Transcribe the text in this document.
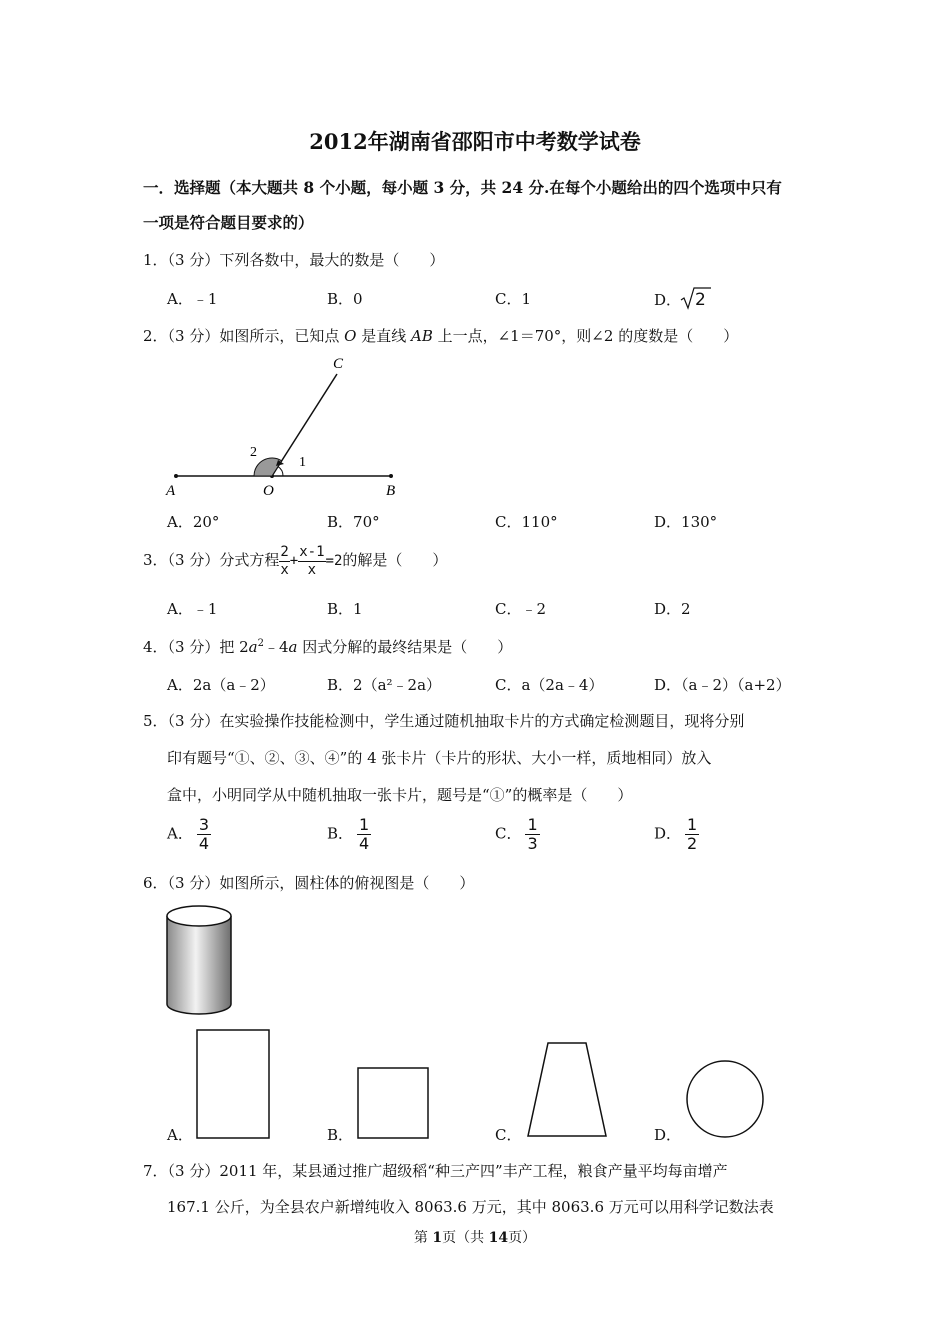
2012年湖南省邵阳市中考数学试卷
一．选择题（本大题共 8 个小题，每小题 3 分，共 24 分.在每个小题给出的四个选项中只有
一项是符合题目要求的）
1．（3 分）下列各数中，最大的数是（　　）
A．﹣1	B．0	C．1	D． 2
2．（3 分）如图所示，已知点 O 是直线 AB 上一点，∠1＝70°，则∠2 的度数是（　　）
A	O	B
C
1
2
A．20°	B．70°	C．110°	D．130°
3．（3 分）分式方程 $\frac{2}{x} + \frac{x-1}{x} =2$的解是（　　）
A．﹣1	B．1	C．﹣2	D．2
4．（3 分）把 $2a^2﹣4a$ 因式分解的最终结果是（　　）
A．2a（a﹣2）	B．2（a²﹣2a）	C．a（2a﹣4）	D．（a﹣2）（a+2）
5．（3 分）在实验操作技能检测中，学生通过随机抽取卡片的方式确定检测题目，现将分别
印有题号“①、②、③、④”的 4 张卡片（卡片的形状、大小一样，质地相同）放入
盒中，小明同学从中随机抽取一张卡片，题号是“①”的概率是（　　）
A． $\frac{3}{4}$	B． $\frac{1}{4}$	C． $\frac{1}{3}$	D． $\frac{1}{2}$
6．（3 分）如图所示，圆柱体的俯视图是（　　）
A．	B．	C．	D．
7．（3 分）2011 年，某县通过推广超级稻“种三产四”丰产工程，粮食产量平均每亩增产
167.1 公斤，为全县农户新增纯收入 8063.6 万元，其中 8063.6 万元可以用科学记数法表
第 1页（共 14页）
